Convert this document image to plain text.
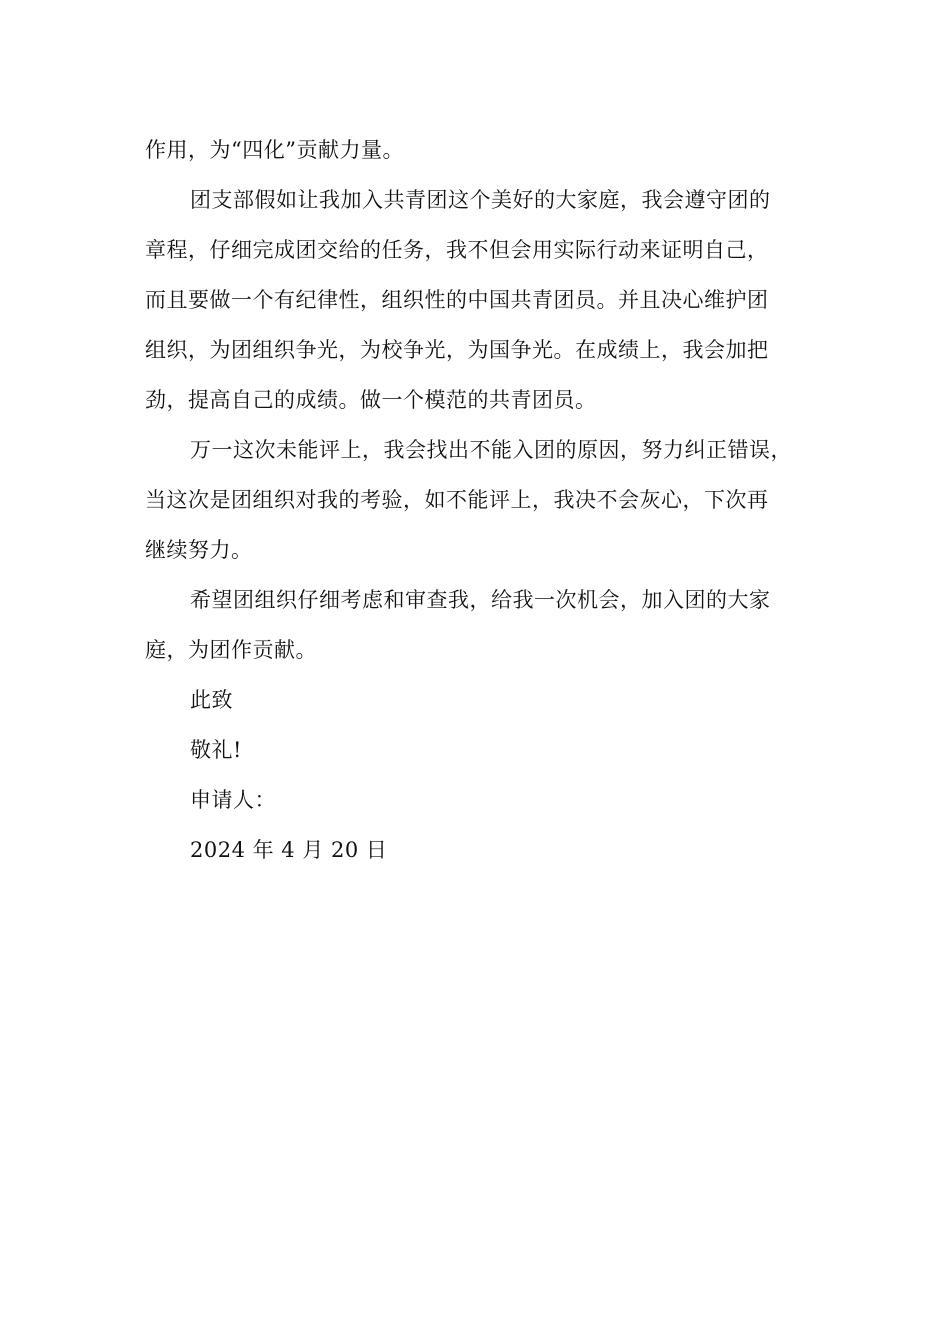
作用，为“四化”贡献力量。
团支部假如让我加入共青团这个美好的大家庭，我会遵守团的
章程，仔细完成团交给的任务，我不但会用实际行动来证明自己，
而且要做一个有纪律性，组织性的中国共青团员。并且决心维护团
组织，为团组织争光，为校争光，为国争光。在成绩上，我会加把
劲，提高自己的成绩。做一个模范的共青团员。
万一这次未能评上，我会找出不能入团的原因，努力纠正错误，
当这次是团组织对我的考验，如不能评上，我决不会灰心，下次再
继续努力。
希望团组织仔细考虑和审查我，给我一次机会，加入团的大家
庭，为团作贡献。
此致
敬礼!
申请人：
2024 年 4 月 20 日
